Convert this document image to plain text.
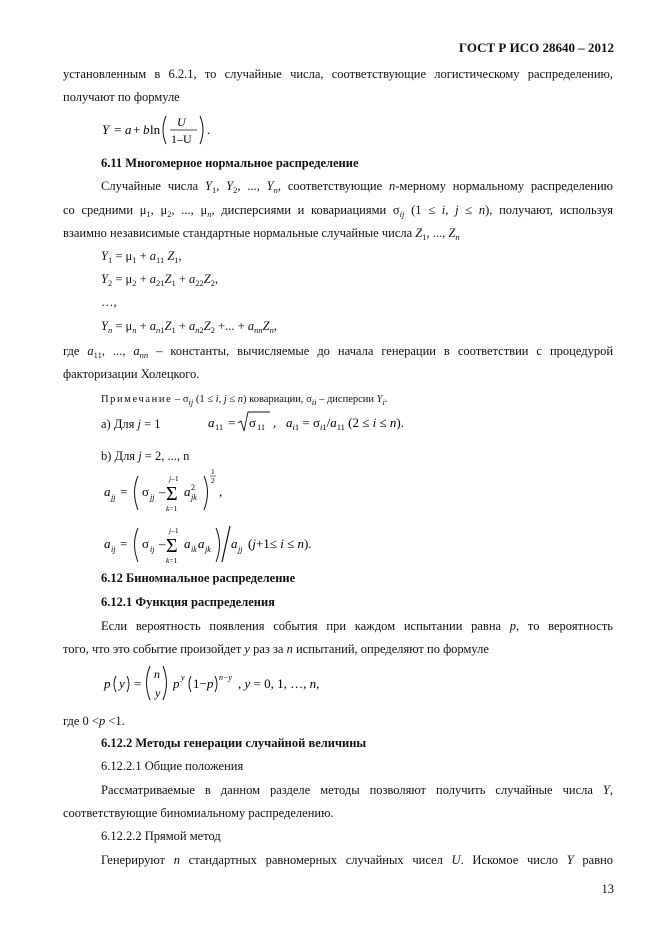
ГОСТ Р ИСО 28640 – 2012
установленным в 6.2.1, то случайные числа, соответствующие логистическому распределению,
получают по формуле
Y = a + b ln U
1–U
.
6.11 Многомерное нормальное распределение
Случайные числа $Y_1$, $Y_2$, ..., $Y_n$, соответствующие n-мерному нормальному распределению
со средними $\mu_1$, $\mu_2$, ..., $\mu_n$, дисперсиями и ковариациями $\sigma_{ij}$ (1 ≤ i, j ≤ n), получают, используя
взаимно независимые стандартные нормальные случайные числа $Z_1$, ..., $Z_n$
$Y_1 = \mu_1 + a_{11}$ $Z_1$,
$Y_2 = \mu_2 + a_{21}Z_1 + a_{22}Z_2$,
…,
$Y_n = \mu_n + a_{n1}Z_1 + a_{n2}Z_2$ +... + $a_{nn}Z_n$,
где $a_{11}$, ..., $a_{nn}$ – константы, вычисляемые до начала генерации в соответствии с процедурой
факторизации Холецкого.
Примечание – $\sigma_{ij}$ (1 ≤ i, j ≤ n) ковариации, $\sigma_{ii}$ – дисперсии $Y_i$.
a) Для j = 1	a 11 = σ 11 , $a_{i1} = \sigma_{i1}/a_{11}$ (2 ≤ i ≤ n).
b) Для j = 2, ..., n
a jj = σ jj –
j–1
Σ
k=1
a 2
jk
1
2
,
a ij = σ ij –
j–1
Σ
k=1
a ik a jk a jj (j+1≤ i ≤ n).
6.12 Биномиальное распределение
6.12.1 Функция распределения
Если вероятность появления события при каждом испытании равна p, то вероятность
того, что это событие произойдет y раз за n испытаний, определяют по формуле
p y =
n
y
p y 1−p n−y , y = 0, 1, …, n,
где 0 <p <1.
6.12.2 Методы генерации случайной величины
6.12.2.1 Общие положения
Рассматриваемые в данном разделе методы позволяют получить случайные числа Y,
соответствующие биномиальному распределению.
6.12.2.2 Прямой метод
Генерируют n стандартных равномерных случайных чисел U. Искомое число Y равно
13
